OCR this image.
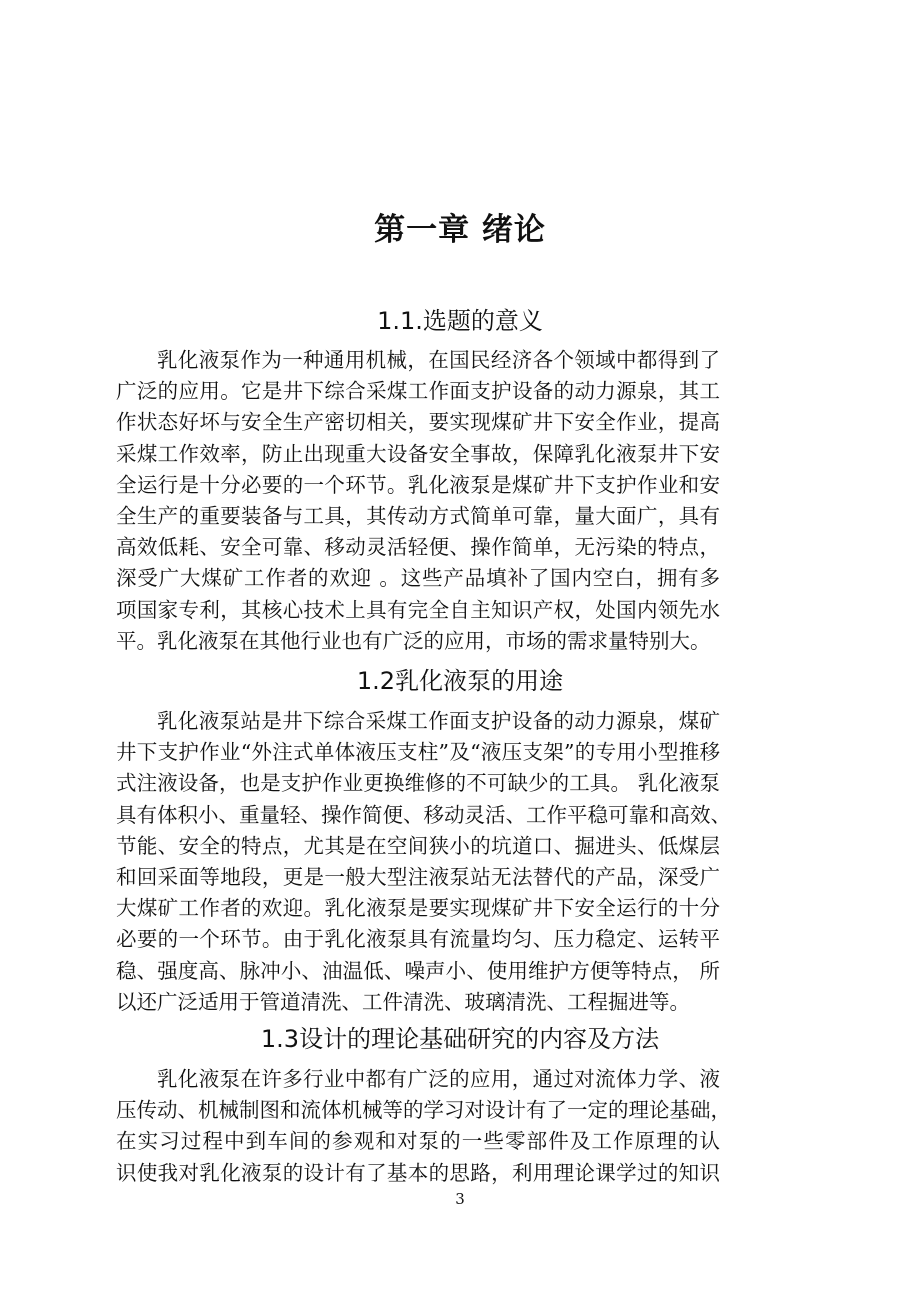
第一章 绪论
1.1.选题的意义
乳化液泵作为一种通用机械，在国民经济各个领域中都得到了
广泛的应用。它是井下综合采煤工作面支护设备的动力源泉，其工
作状态好坏与安全生产密切相关，要实现煤矿井下安全作业，提高
采煤工作效率，防止出现重大设备安全事故，保障乳化液泵井下安
全运行是十分必要的一个环节。乳化液泵是煤矿井下支护作业和安
全生产的重要装备与工具，其传动方式简单可靠，量大面广，具有
高效低耗、安全可靠、移动灵活轻便、操作简单，无污染的特点，
深受广大煤矿工作者的欢迎 。这些产品填补了国内空白，拥有多
项国家专利，其核心技术上具有完全自主知识产权，处国内领先水
平。乳化液泵在其他行业也有广泛的应用，市场的需求量特别大。
1.2乳化液泵的用途
乳化液泵站是井下综合采煤工作面支护设备的动力源泉，煤矿
井下支护作业“外注式单体液压支柱”及“液压支架”的专用小型推移
式注液设备，也是支护作业更换维修的不可缺少的工具。 乳化液泵
具有体积小、重量轻、操作简便、移动灵活、工作平稳可靠和高效、
节能、安全的特点，尤其是在空间狭小的坑道口、掘进头、低煤层
和回采面等地段，更是一般大型注液泵站无法替代的产品，深受广
大煤矿工作者的欢迎。乳化液泵是要实现煤矿井下安全运行的十分
必要的一个环节。由于乳化液泵具有流量均匀、压力稳定、运转平
稳、强度高、脉冲小、油温低、噪声小、使用维护方便等特点， 所
以还广泛适用于管道清洗、工件清洗、玻璃清洗、工程掘进等。
1.3设计的理论基础研究的内容及方法
乳化液泵在许多行业中都有广泛的应用，通过对流体力学、液
压传动、机械制图和流体机械等的学习对设计有了一定的理论基础，
在实习过程中到车间的参观和对泵的一些零部件及工作原理的认
识使我对乳化液泵的设计有了基本的思路，利用理论课学过的知识
3
